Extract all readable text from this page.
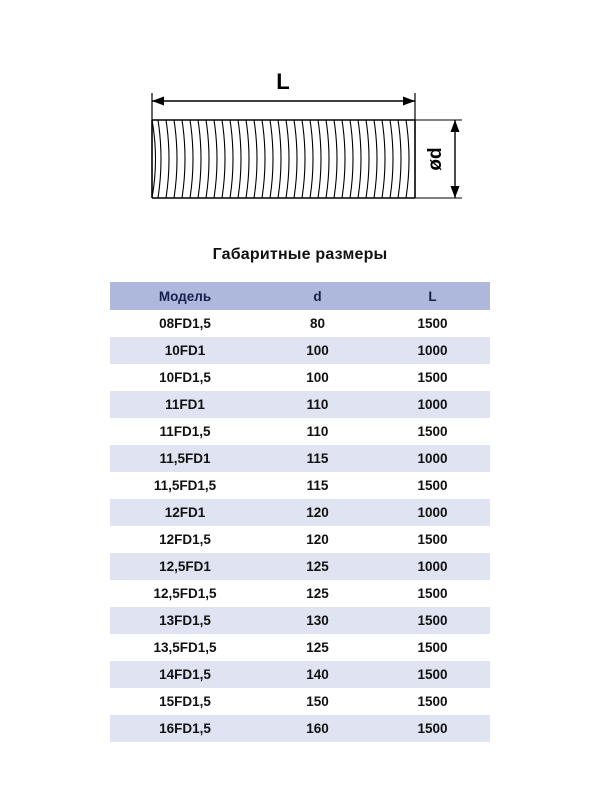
L
ød
Габаритные размеры
Модель	d	L
08FD1,5	80	1500
10FD1	100	1000
10FD1,5	100	1500
11FD1	110	1000
11FD1,5	110	1500
11,5FD1	115	1000
11,5FD1,5	115	1500
12FD1	120	1000
12FD1,5	120	1500
12,5FD1	125	1000
12,5FD1,5	125	1500
13FD1,5	130	1500
13,5FD1,5	125	1500
14FD1,5	140	1500
15FD1,5	150	1500
16FD1,5	160	1500
